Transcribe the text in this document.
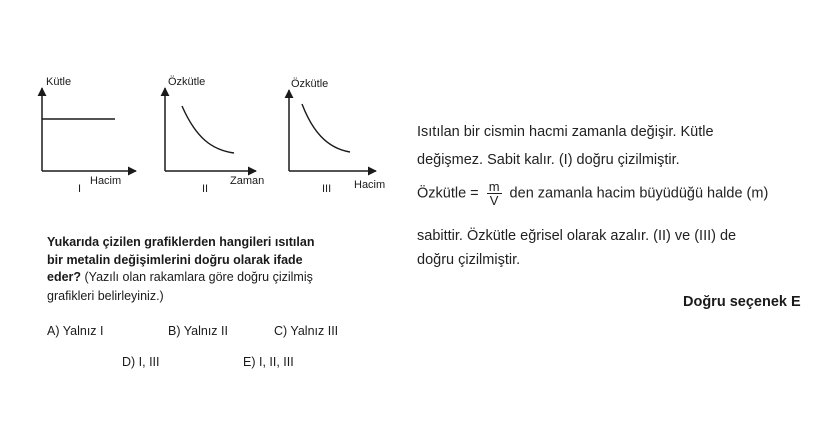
Kütle
Hacim
I
Özkütle
Zaman
II
Özkütle
Hacim
III
Yukarıda çizilen grafiklerden hangileri ısıtılan
bir metalin değişimlerini doğru olarak ifade
eder? (Yazılı olan rakamlara göre doğru çizilmiş
grafikleri belirleyiniz.)
A) Yalnız I	B) Yalnız II	C) Yalnız III
D) I, III	E) I, II, III
Isıtılan bir cismin hacmi zamanla değişir. Kütle
değişmez. Sabit kalır. (I) doğru çizilmiştir.
Özkütle = $\frac{m}{V}$ den zamanla hacim büyüdüğü halde (m)
sabittir. Özkütle eğrisel olarak azalır. (II) ve (III) de
doğru çizilmiştir.
Doğru seçenek E
